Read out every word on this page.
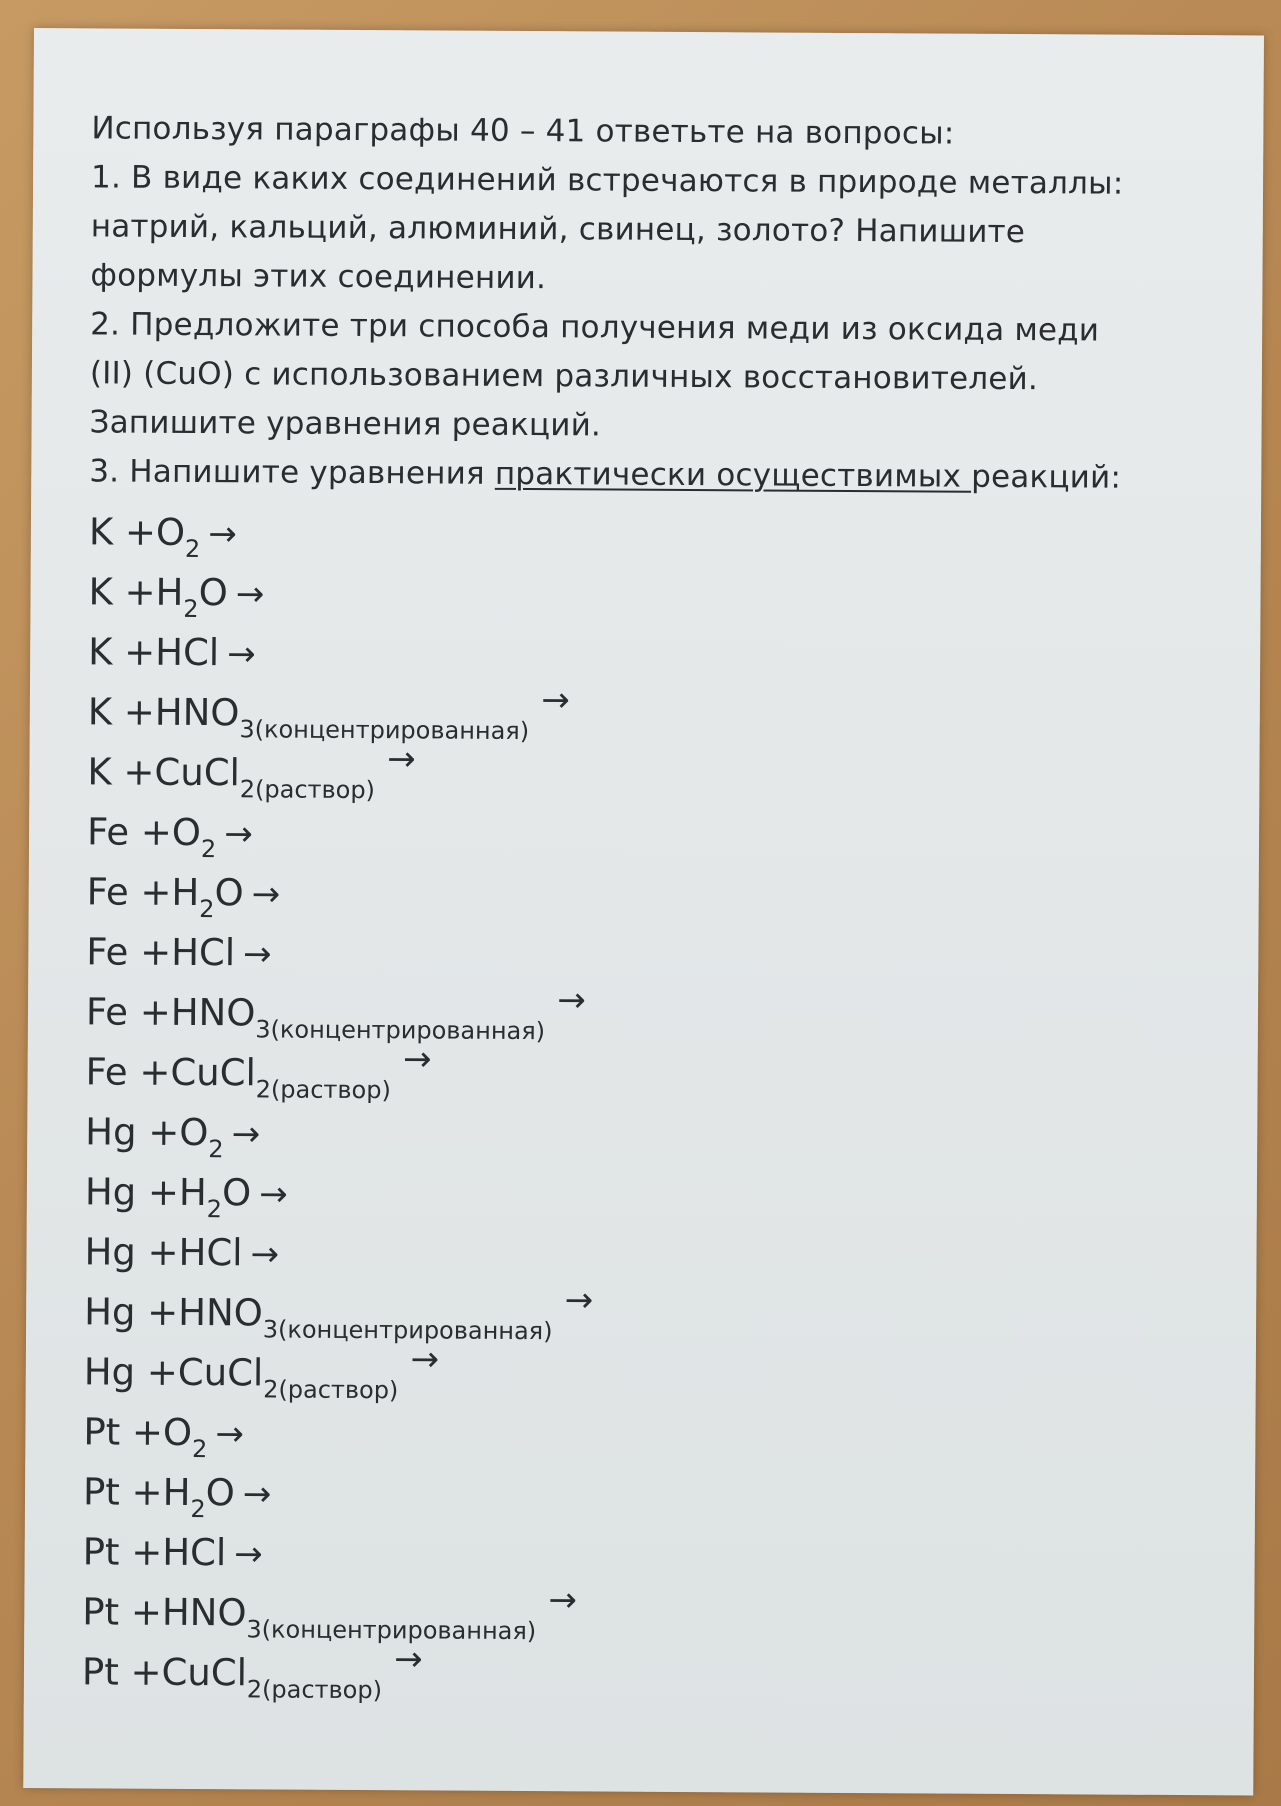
Используя параграфы 40 – 41 ответьте на вопросы:
1. В виде каких соединений встречаются в природе металлы:
натрий, кальций, алюминий, свинец, золото? Напишите
формулы этих соединении.
2. Предложите три способа получения меди из оксида меди
(II) (CuO) с использованием различных восстановителей.
Запишите уравнения реакций.
3. Напишите уравнения практически осуществимых реакций:
$K +O_2$ →
$K +H_2O$ →
K +HCl →
$K +HNO_{3(концентрированная)}\to$
K +CuCl$_{2(раствор)}$→
$Fe +O_2$ →
$Fe +H_2O$ →
Fe +HCl →
$Fe +HNO_{3(концентрированная)}\to$
Fe +CuCl$_{2(раствор)}$→
$Hg +O_2$ →
$Hg +H_2O$ →
Hg +HCl →
$Hg +HNO_{3(концентрированная)}\to$
Hg +CuCl$_{2(раствор)}$→
$Pt +O_2$ →
$Pt +H_2O$ →
Pt +HCl →
$Pt +HNO_{3(концентрированная)}\to$
Pt +CuCl$_{2(раствор)}$→
